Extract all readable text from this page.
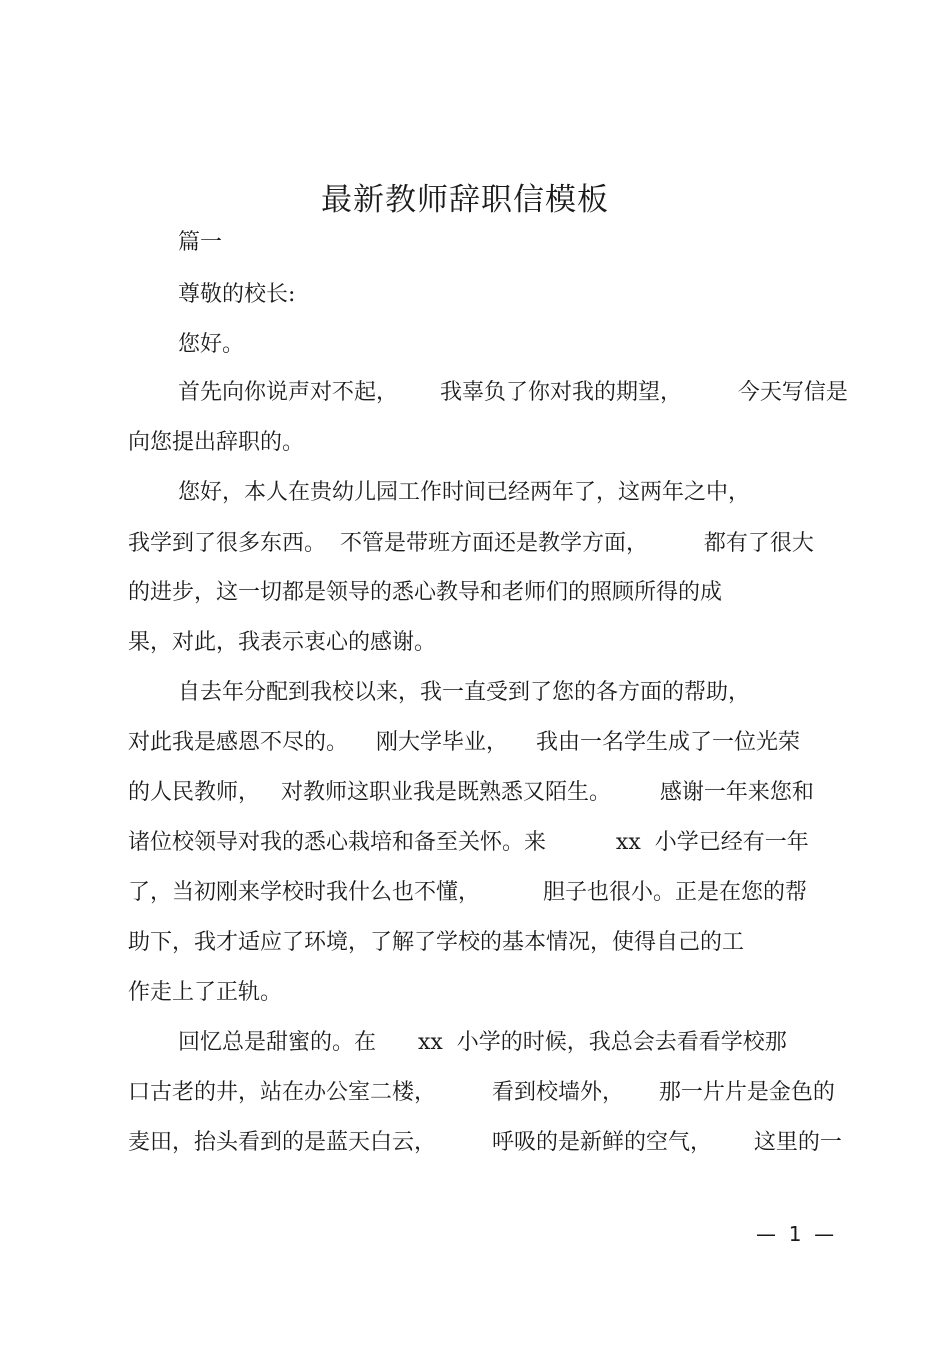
最新教师辞职信模板
篇一
尊敬的校长:
您好。
首先向你说声对不起，      我辜负了你对我的期望，        今天写信是
向您提出辞职的。
您好，本人在贵幼儿园工作时间已经两年了，这两年之中，
我学到了很多东西。  不管是带班方面还是教学方面，        都有了很大
的进步，这一切都是领导的悉心教导和老师们的照顾所得的成
果，对此，我表示衷心的感谢。
自去年分配到我校以来，我一直受到了您的各方面的帮助，
对此我是感恩不尽的。    刚大学毕业，    我由一名学生成了一位光荣
的人民教师，   对教师这职业我是既熟悉又陌生。       感谢一年来您和
诸位校领导对我的悉心栽培和备至关怀。来          xx  小学已经有一年
了，当初刚来学校时我什么也不懂，         胆子也很小。正是在您的帮
助下，我才适应了环境，了解了学校的基本情况，使得自己的工
作走上了正轨。
回忆总是甜蜜的。在      xx  小学的时候，我总会去看看学校那
口古老的井，站在办公室二楼，        看到校墙外，     那一片片是金色的
麦田，抬头看到的是蓝天白云，        呼吸的是新鲜的空气，      这里的一
—  1  —
